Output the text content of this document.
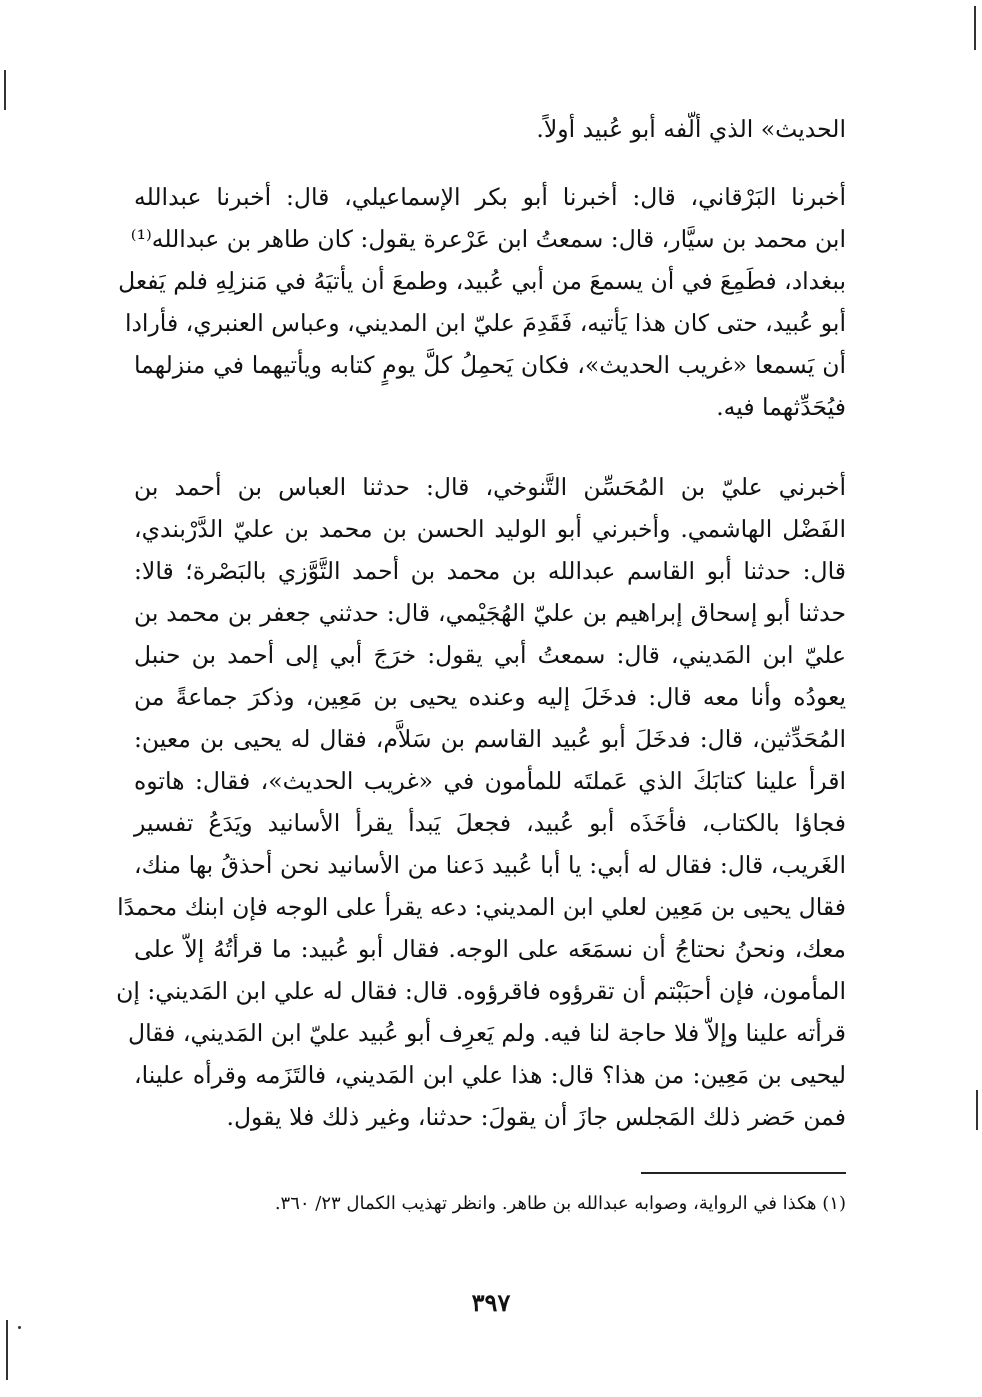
الحديث» الذي ألّفه أبو عُبيد أولاً.
أخبرنا البَرْقاني، قال: أخبرنا أبو بكر الإسماعيلي، قال: أخبرنا عبدالله
ابن محمد بن سيَّار، قال: سمعتُ ابن عَرْعرة يقول: كان طاهر بن عبدالله⁽¹⁾
ببغداد، فطَمِعَ في أن يسمعَ من أبي عُبيد، وطمعَ أن يأتيَهُ في مَنزلِهِ فلم يَفعل
أبو عُبيد، حتى كان هذا يَأتيه، فَقَدِمَ عليّ ابن المديني، وعباس العنبري، فأرادا
أن يَسمعا «غريب الحديث»، فكان يَحمِلُ كلَّ يومٍ كتابه ويأتيهما في منزلهما
فيُحَدِّثهما فيه.
أخبرني عليّ بن المُحَسِّن التَّنوخي، قال: حدثنا العباس بن أحمد بن
الفَضْل الهاشمي. وأخبرني أبو الوليد الحسن بن محمد بن عليّ الدَّرْبندي،
قال: حدثنا أبو القاسم عبدالله بن محمد بن أحمد التَّوَّزي بالبَصْرة؛ قالا:
حدثنا أبو إسحاق إبراهيم بن عليّ الهُجَيْمي، قال: حدثني جعفر بن محمد بن
عليّ ابن المَديني، قال: سمعتُ أبي يقول: خرَجَ أبي إلى أحمد بن حنبل
يعودُه وأنا معه قال: فدخَلَ إليه وعنده يحيى بن مَعِين، وذكرَ جماعةً من
المُحَدِّثين، قال: فدخَلَ أبو عُبيد القاسم بن سَلاَّم، فقال له يحيى بن معين:
اقرأ علينا كتابَكَ الذي عَملتَه للمأمون في «غريب الحديث»، فقال: هاتوه
فجاؤا بالكتاب، فأخَذَه أبو عُبيد، فجعلَ يَبدأ يقرأ الأسانيد ويَدَعُ تفسير
الغَريب، قال: فقال له أبي: يا أبا عُبيد دَعنا من الأسانيد نحن أحذقُ بها منك،
فقال يحيى بن مَعِين لعلي ابن المديني: دعه يقرأ على الوجه فإن ابنك محمدًا
معك، ونحنُ نحتاجُ أن نسمَعَه على الوجه. فقال أبو عُبيد: ما قرأتُهُ إلاّ على
المأمون، فإن أحبَبْتم أن تقرؤوه فاقرؤوه. قال: فقال له علي ابن المَديني: إن
قرأته علينا وإلاّ فلا حاجة لنا فيه. ولم يَعرِف أبو عُبيد عليّ ابن المَديني، فقال
ليحيى بن مَعِين: من هذا؟ قال: هذا علي ابن المَديني، فالتَزَمه وقرأه علينا،
فمن حَضر ذلك المَجلس جازَ أن يقولَ: حدثنا، وغير ذلك فلا يقول.
(١) هكذا في الرواية، وصوابه عبدالله بن طاهر. وانظر تهذيب الكمال ٢٣/ ٣٦٠.
٣٩٧
